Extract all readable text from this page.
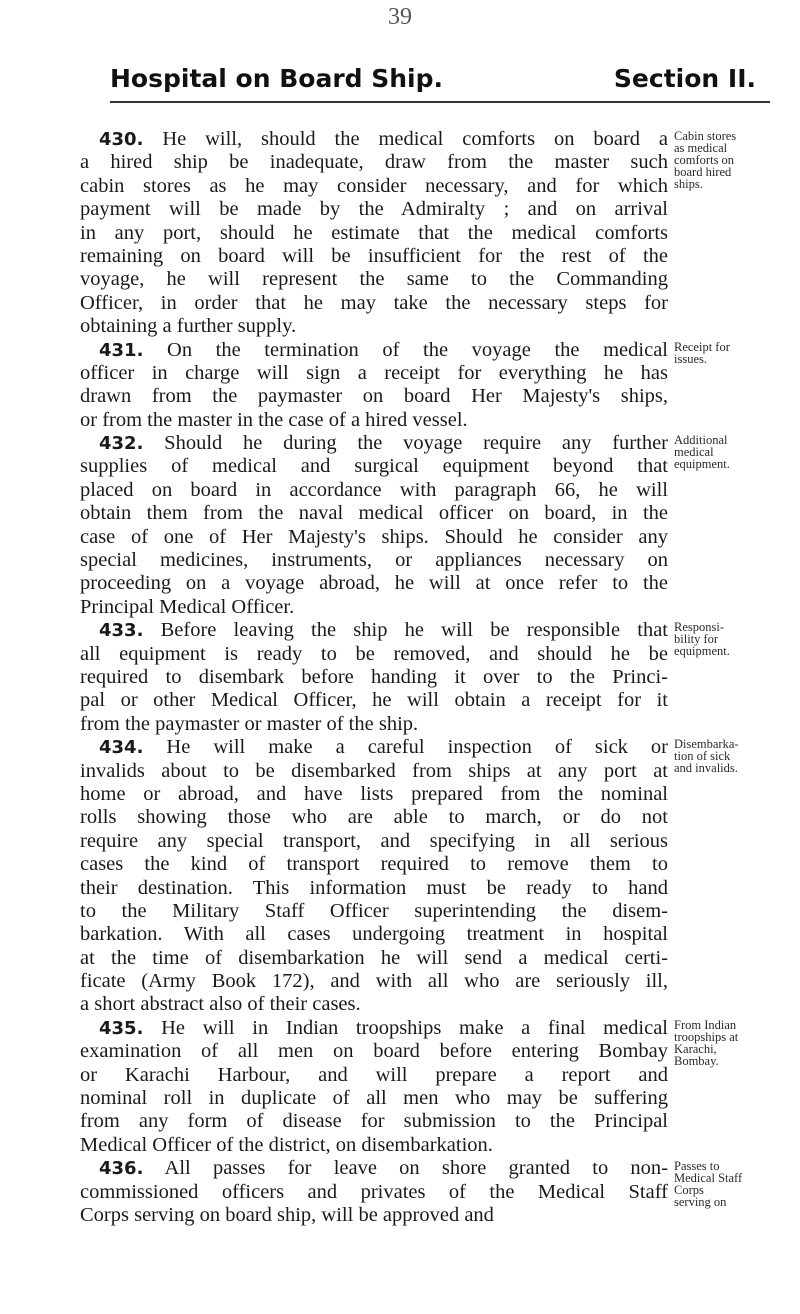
39
Hospital on Board Ship.	Section II.
430. He will, should the medical comforts on board a
a hired ship be inadequate, draw from the master such
cabin stores as he may consider necessary, and for which
payment will be made by the Admiralty ; and on arrival
in any port, should he estimate that the medical comforts
remaining on board will be insufficient for the rest of the
voyage, he will represent the same to the Commanding
Officer, in order that he may take the necessary steps for
obtaining a further supply.
431. On the termination of the voyage the medical
officer in charge will sign a receipt for everything he has
drawn from the paymaster on board Her Majesty's ships,
or from the master in the case of a hired vessel.
432. Should he during the voyage require any further
supplies of medical and surgical equipment beyond that
placed on board in accordance with paragraph 66, he will
obtain them from the naval medical officer on board, in the
case of one of Her Majesty's ships. Should he consider any
special medicines, instruments, or appliances necessary on
proceeding on a voyage abroad, he will at once refer to the
Principal Medical Officer.
433. Before leaving the ship he will be responsible that
all equipment is ready to be removed, and should he be
required to disembark before handing it over to the Princi-
pal or other Medical Officer, he will obtain a receipt for it
from the paymaster or master of the ship.
434. He will make a careful inspection of sick or
invalids about to be disembarked from ships at any port at
home or abroad, and have lists prepared from the nominal
rolls showing those who are able to march, or do not
require any special transport, and specifying in all serious
cases the kind of transport required to remove them to
their destination. This information must be ready to hand
to the Military Staff Officer superintending the disem-
barkation. With all cases undergoing treatment in hospital
at the time of disembarkation he will send a medical certi-
ficate (Army Book 172), and with all who are seriously ill,
a short abstract also of their cases.
435. He will in Indian troopships make a final medical
examination of all men on board before entering Bombay
or Karachi Harbour, and will prepare a report and
nominal roll in duplicate of all men who may be suffering
from any form of disease for submission to the Principal
Medical Officer of the district, on disembarkation.
436. All passes for leave on shore granted to non-
commissioned officers and privates of the Medical Staff
Corps serving on board ship, will be approved and
Cabin stores
as medical
comforts on
board hired
ships.
Receipt for
issues.
Additional
medical
equipment.
Responsi-
bility for
equipment.
Disembarka-
tion of sick
and invalids.
From Indian
troopships at
Karachi,
Bombay.
Passes to
Medical Staff
Corps
serving on
